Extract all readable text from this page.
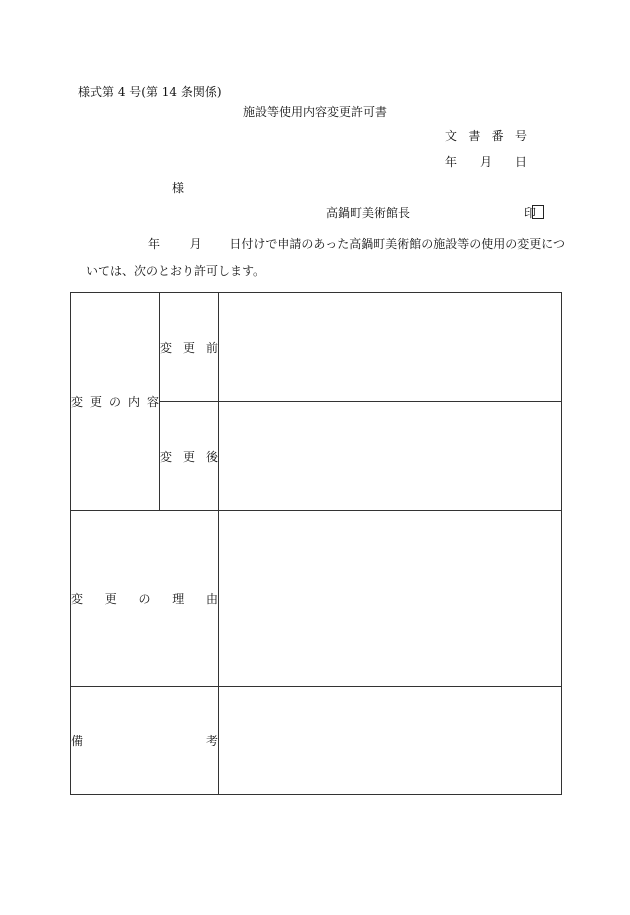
様式第 4 号(第 14 条関係)
施設等使用内容変更許可書
文 書 番 号
年 月 日
様
高鍋町美術館長	印
年 月 日付けで申請のあった高鍋町美術館の施設等の使用の変更につ
いては、次のとおり許可します。
変 更 の 内 容	変 更 前	

	変 更 後	

変 更 の 理 由		

備 考		
